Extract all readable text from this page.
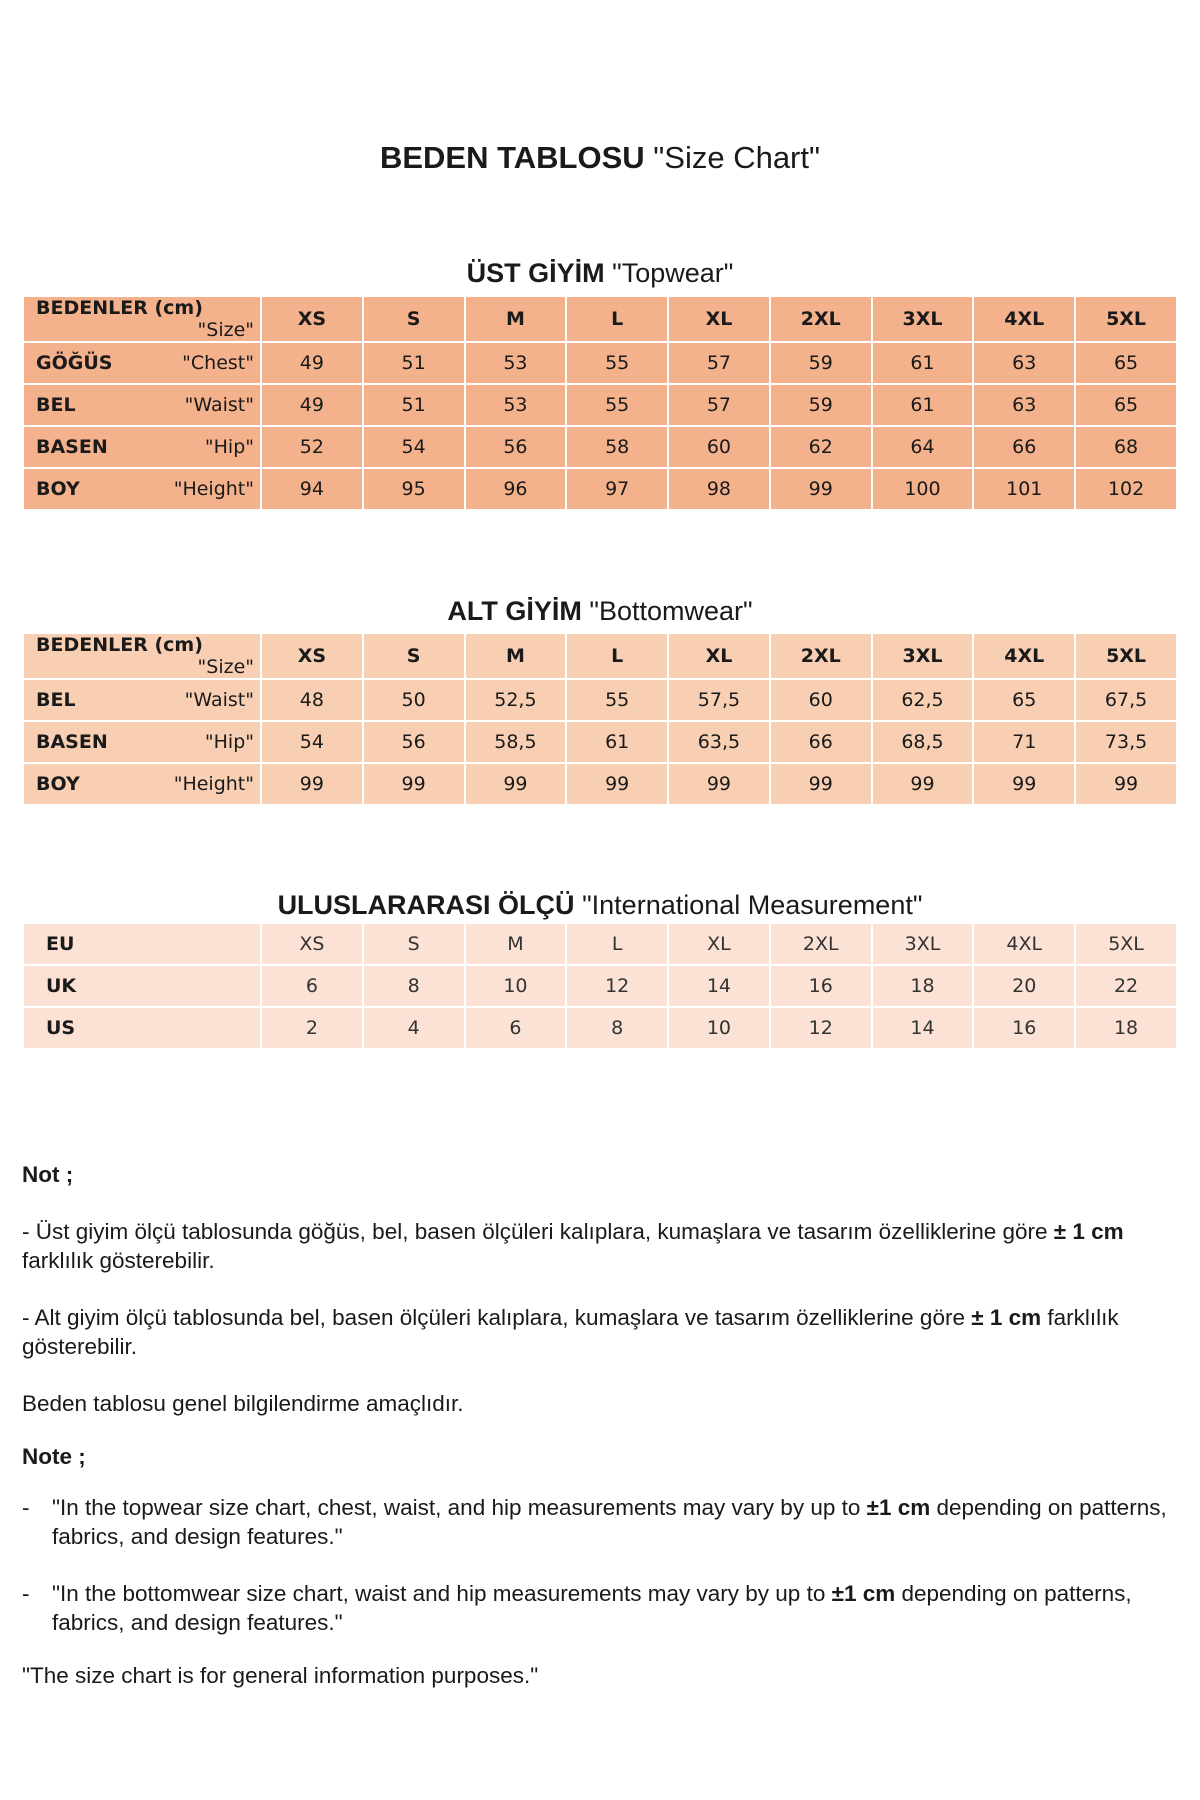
BEDEN TABLOSU "Size Chart"
ÜST GİYİM "Topwear"
BEDENLER (cm)
"Size"	XS	S	M	L	XL	2XL	3XL	4XL	5XL
GÖĞÜS "Chest"	49	51	53	55	57	59	61	63	65
BEL "Waist"	49	51	53	55	57	59	61	63	65
BASEN "Hip"	52	54	56	58	60	62	64	66	68
BOY "Height"	94	95	96	97	98	99	100	101	102
ALT GİYİM "Bottomwear"
BEDENLER (cm)
"Size"	XS	S	M	L	XL	2XL	3XL	4XL	5XL
BEL "Waist"	48	50	52,5	55	57,5	60	62,5	65	67,5
BASEN "Hip"	54	56	58,5	61	63,5	66	68,5	71	73,5
BOY "Height"	99	99	99	99	99	99	99	99	99
ULUSLARARASI ÖLÇÜ "International Measurement"
EU	XS	S	M	L	XL	2XL	3XL	4XL	5XL
UK	6	8	10	12	14	16	18	20	22
US	2	4	6	8	10	12	14	16	18

Not ;

- Üst giyim ölçü tablosunda göğüs, bel, basen ölçüleri kalıplara, kumaşlara ve tasarım özelliklerine göre ± 1 cm farklılık gösterebilir.

- Alt giyim ölçü tablosunda bel, basen ölçüleri kalıplara, kumaşlara ve tasarım özelliklerine göre ± 1 cm farklılık gösterebilir.

Beden tablosu genel bilgilendirme amaçlıdır.

Note ;

-	"In the topwear size chart, chest, waist, and hip measurements may vary by up to ±1 cm depending on patterns, fabrics, and design features."

-	"In the bottomwear size chart, waist and hip measurements may vary by up to ±1 cm depending on patterns, fabrics, and design features."

"The size chart is for general information purposes."
